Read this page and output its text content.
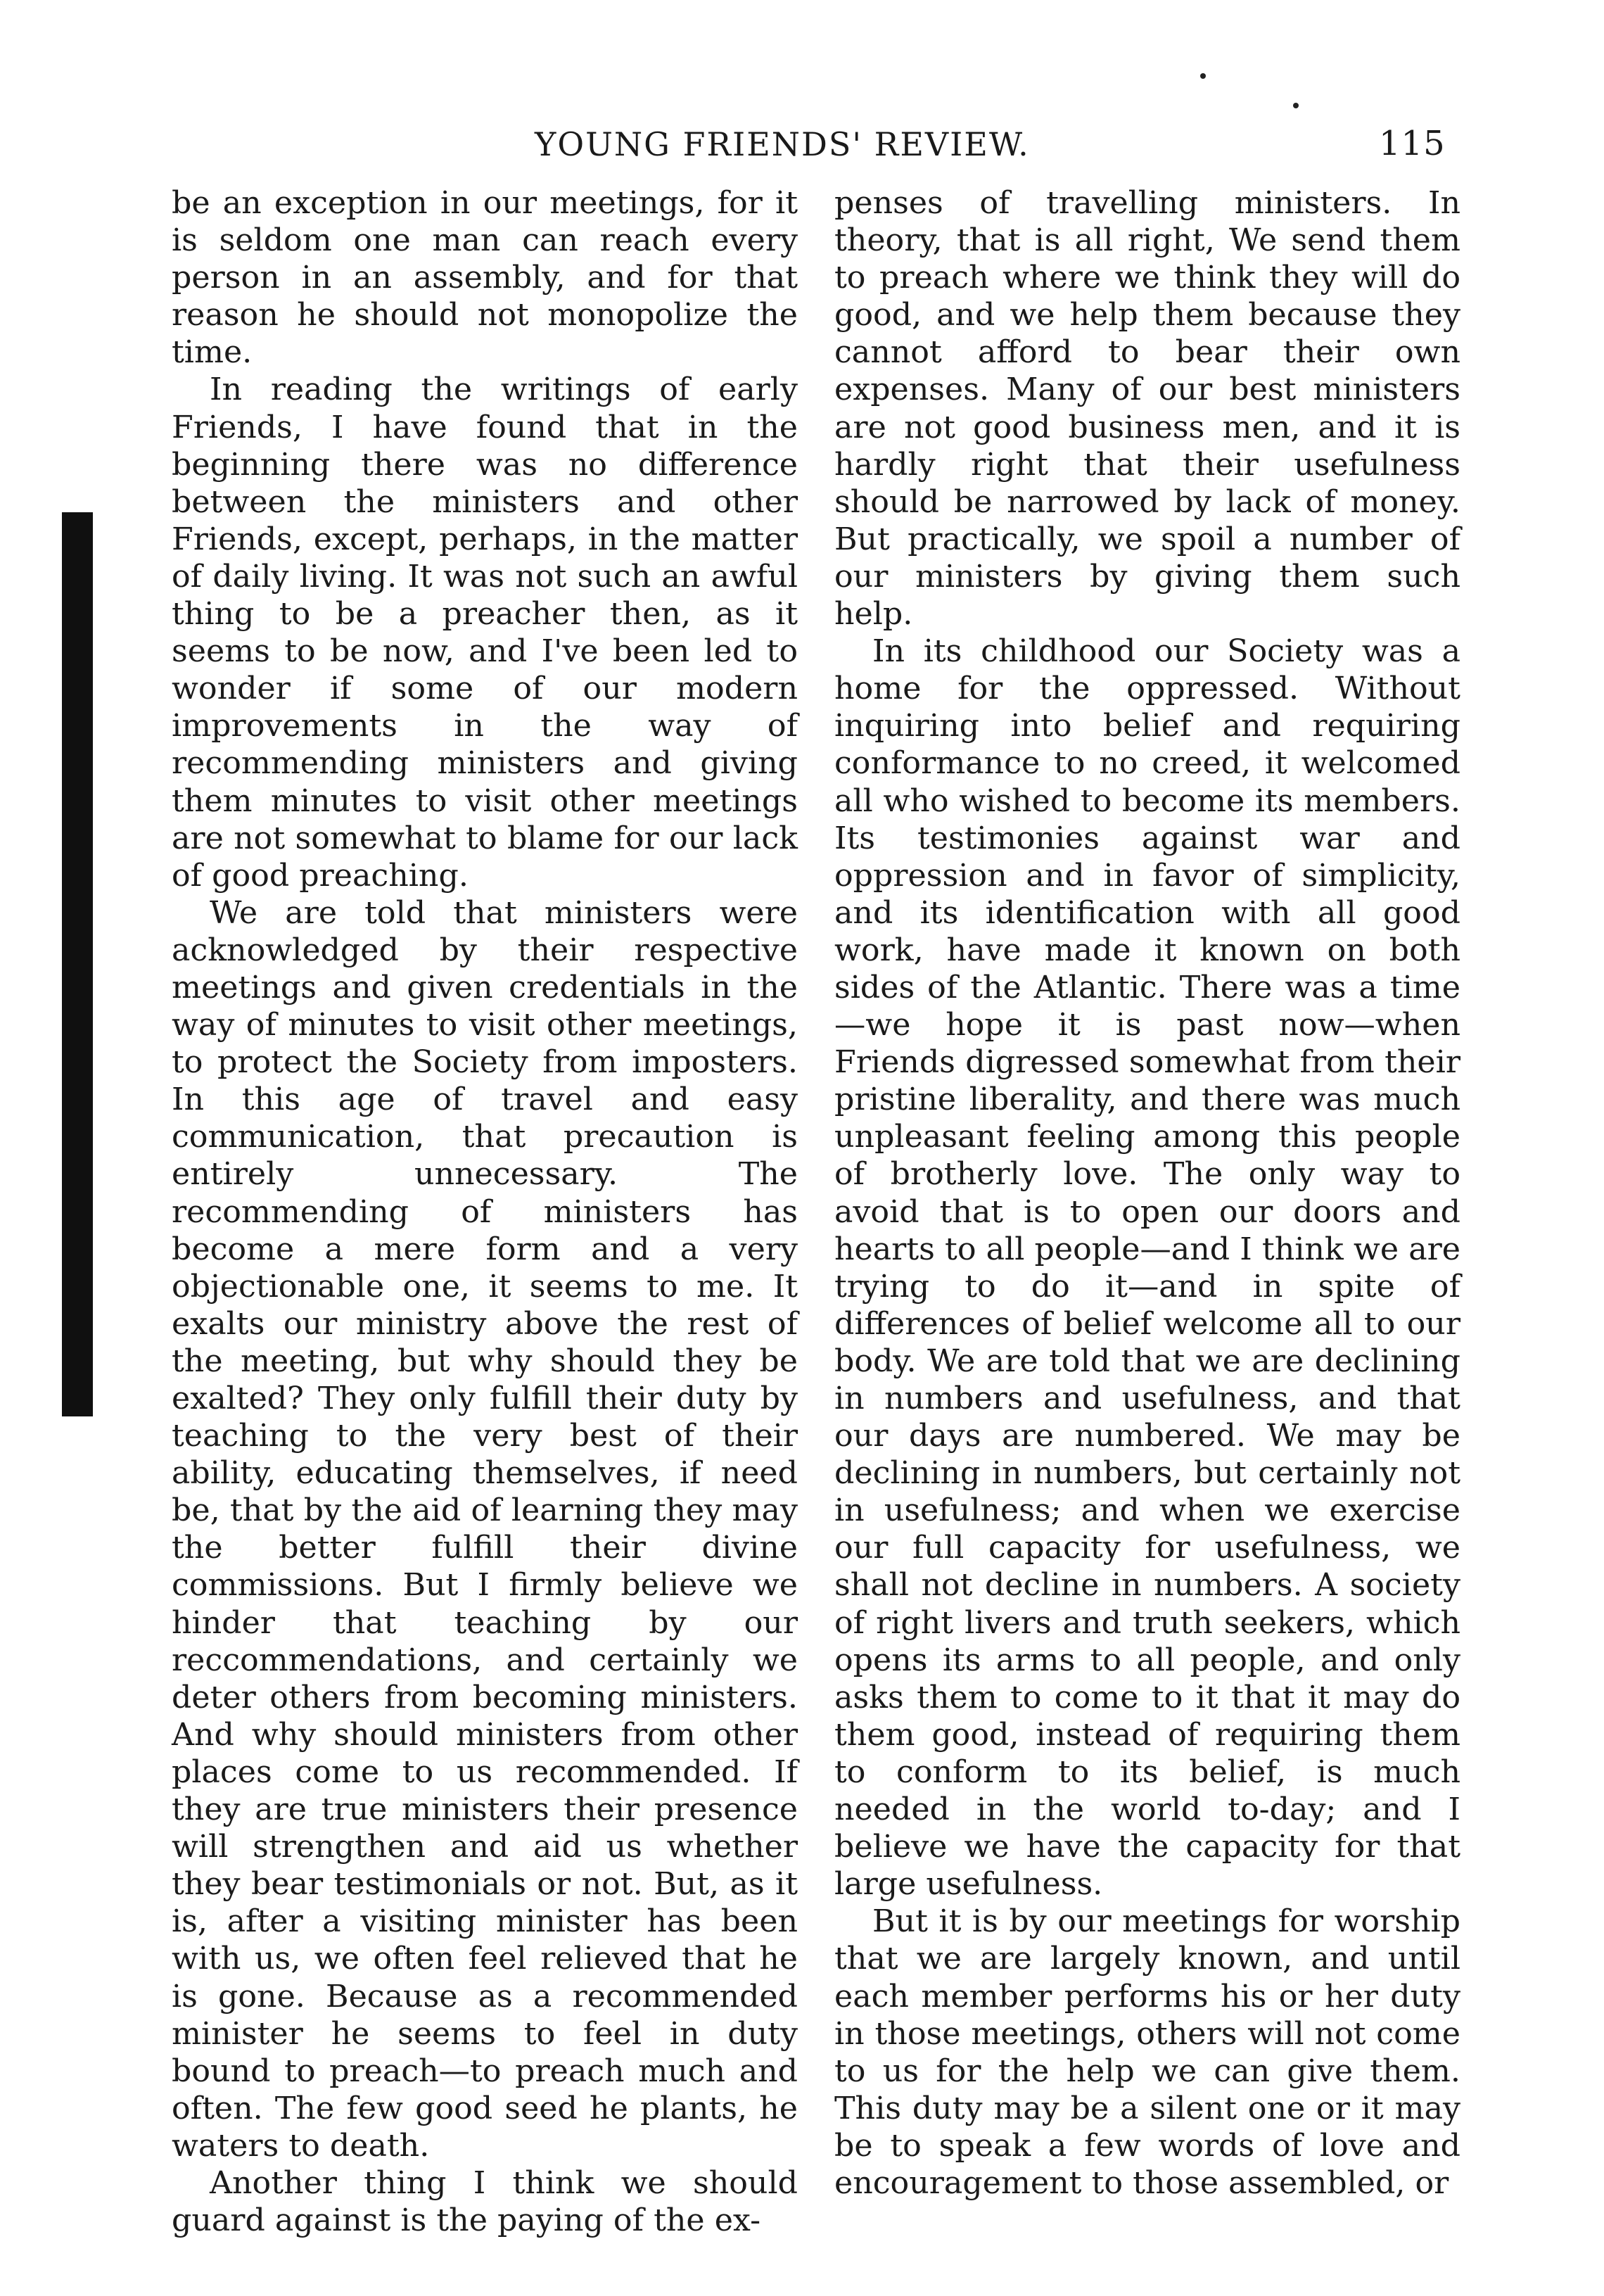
YOUNG FRIENDS' REVIEW.	115

be an exception in our meetings, for it is seldom one man can reach every person in an assembly, and for that reason he should not monopolize the time.

In reading the writings of early Friends, I have found that in the beginning there was no difference between the ministers and other Friends, except, perhaps, in the matter of daily living. It was not such an awful thing to be a preacher then, as it seems to be now, and I've been led to wonder if some of our modern improvements in the way of recommending ministers and giving them minutes to visit other meetings are not somewhat to blame for our lack of good preaching.

We are told that ministers were acknowledged by their respective meetings and given credentials in the way of minutes to visit other meetings, to protect the Society from imposters. In this age of travel and easy communication, that precaution is entirely unnecessary. The recommending of ministers has become a mere form and a very objectionable one, it seems to me. It exalts our ministry above the rest of the meeting, but why should they be exalted? They only fulfill their duty by teaching to the very best of their ability, educating themselves, if need be, that by the aid of learning they may the better fulfill their divine commissions. But I firmly believe we hinder that teaching by our reccommendations, and certainly we deter others from becoming ministers. And why should ministers from other places come to us recommended. If they are true ministers their presence will strengthen and aid us whether they bear testimonials or not. But, as it is, after a visiting minister has been with us, we often feel relieved that he is gone. Because as a recommended minister he seems to feel in duty bound to preach—to preach much and often. The few good seed he plants, he waters to death.

Another thing I think we should guard against is the paying of the ex-

penses of travelling ministers. In theory, that is all right, We send them to preach where we think they will do good, and we help them because they cannot afford to bear their own expenses. Many of our best ministers are not good business men, and it is hardly right that their usefulness should be narrowed by lack of money. But practically, we spoil a number of our ministers by giving them such help.

In its childhood our Society was a home for the oppressed. Without inquiring into belief and requiring conformance to no creed, it welcomed all who wished to become its members. Its testimonies against war and oppression and in favor of simplicity, and its identification with all good work, have made it known on both sides of the Atlantic. There was a time—we hope it is past now—when Friends digressed somewhat from their pristine liberality, and there was much unpleasant feeling among this people of brotherly love. The only way to avoid that is to open our doors and hearts to all people—and I think we are trying to do it—and in spite of differences of belief welcome all to our body. We are told that we are declining in numbers and usefulness, and that our days are numbered. We may be declining in numbers, but certainly not in usefulness; and when we exercise our full capacity for usefulness, we shall not decline in numbers. A society of right livers and truth seekers, which opens its arms to all people, and only asks them to come to it that it may do them good, instead of requiring them to conform to its belief, is much needed in the world to-day; and I believe we have the capacity for that large usefulness.

But it is by our meetings for worship that we are largely known, and until each member performs his or her duty in those meetings, others will not come to us for the help we can give them. This duty may be a silent one or it may be to speak a few words of love and encouragement to those assembled, or
